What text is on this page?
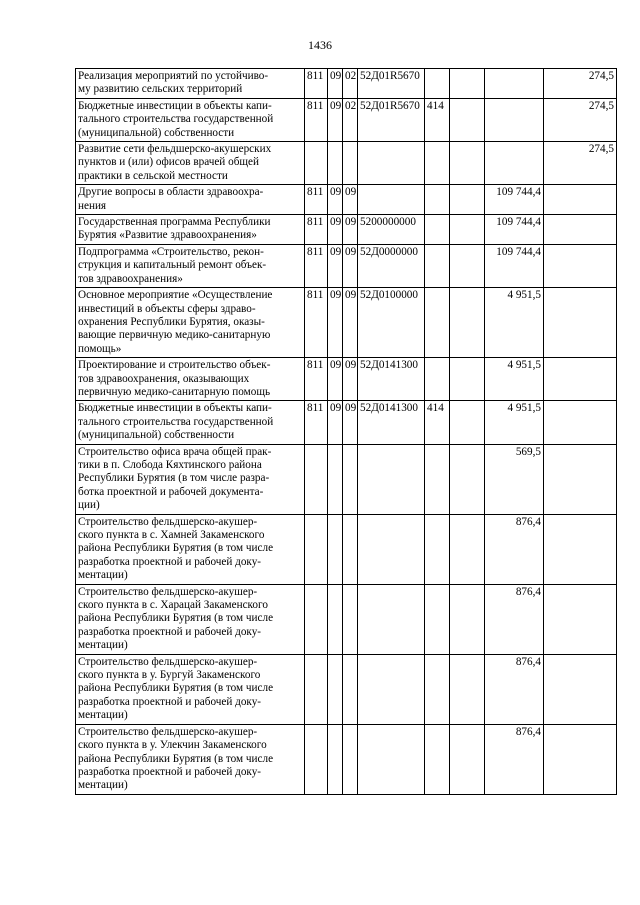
1436
Реализация мероприятий по устойчиво-
му развитию сельских территорий	811	09	02	52Д01R5670				274,5
Бюджетные инвестиции в объекты капи-
тального строительства государственной
(муниципальной) собственности	811	09	02	52Д01R5670	414			274,5
Развитие сети фельдшерско-акушерских
пунктов и (или) офисов врачей общей
практики в сельской местности								274,5
Другие вопросы в области здравоохра-
нения	811	09	09				109 744,4	
Государственная программа Республики
Бурятия «Развитие здравоохранения»	811	09	09	5200000000			109 744,4	
Подпрограмма «Строительство, рекон-
струкция и капитальный ремонт объек-
тов здравоохранения»	811	09	09	52Д0000000			109 744,4	
Основное мероприятие «Осуществление
инвестиций в объекты сферы здраво-
охранения Республики Бурятия, оказы-
вающие первичную медико-санитарную
помощь»	811	09	09	52Д0100000			4 951,5	
Проектирование и строительство объек-
тов здравоохранения, оказывающих
первичную медико-санитарную помощь	811	09	09	52Д0141300			4 951,5	
Бюджетные инвестиции в объекты капи-
тального строительства государственной
(муниципальной) собственности	811	09	09	52Д0141300	414		4 951,5	
Строительство офиса врача общей прак-
тики в п. Слобода Кяхтинского района
Республики Бурятия (в том числе разра-
ботка проектной и рабочей документа-
ции)							569,5	
Строительство фельдшерско-акушер-
ского пункта в с. Хамней Закаменского
района Республики Бурятия (в том числе
разработка проектной и рабочей доку-
ментации)							876,4	
Строительство фельдшерско-акушер-
ского пункта в с. Харацай Закаменского
района Республики Бурятия (в том числе
разработка проектной и рабочей доку-
ментации)							876,4	
Строительство фельдшерско-акушер-
ского пункта в у. Бургуй Закаменского
района Республики Бурятия (в том числе
разработка проектной и рабочей доку-
ментации)							876,4	
Строительство фельдшерско-акушер-
ского пункта в у. Улекчин Закаменского
района Республики Бурятия (в том числе
разработка проектной и рабочей доку-
ментации)							876,4	
